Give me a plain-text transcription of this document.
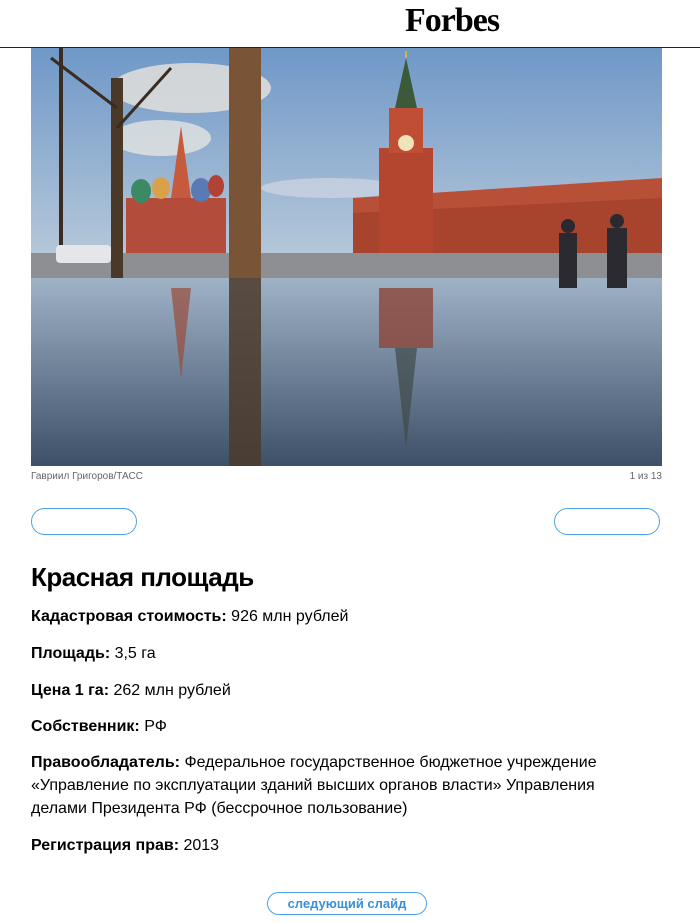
Forbes
Гавриил Григоров/ТАСС	1 из 13
Красная площадь

Кадастровая стоимость: 926 млн рублей

Площадь: 3,5 га

Цена 1 га: 262 млн рублей

Собственник: РФ

Правообладатель: Федеральное государственное бюджетное учреждение «Управление по эксплуатации зданий высших органов власти» Управления делами Президента РФ (бессрочное пользование)

Регистрация прав: 2013

следующий слайд
